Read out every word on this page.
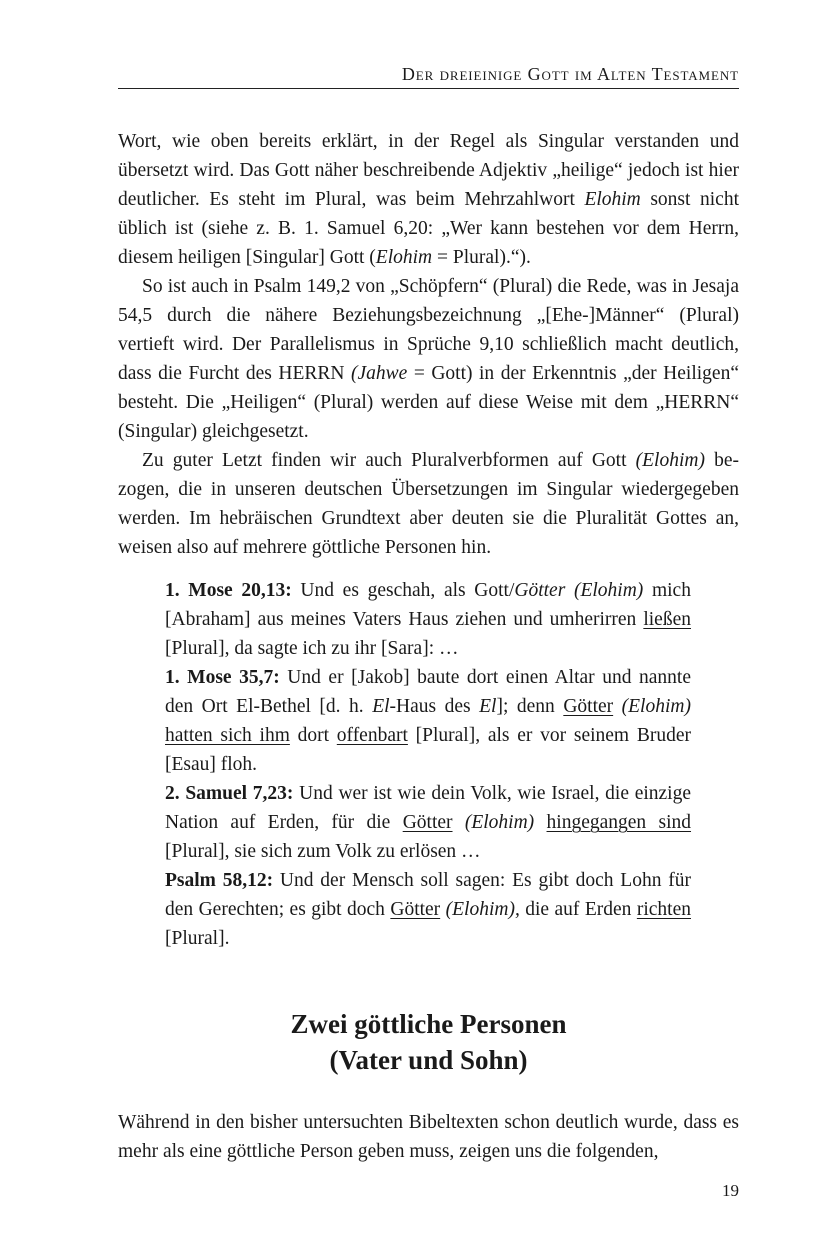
Der dreieinige Gott im Alten Testament

Wort, wie oben bereits erklärt, in der Regel als Singular verstanden und übersetzt wird. Das Gott näher beschreibende Adjektiv „heilige“ jedoch ist hier deutlicher. Es steht im Plural, was beim Mehrzahlwort Elohim sonst nicht üblich ist (siehe z. B. 1. Samuel 6,20: „Wer kann bestehen vor dem Herrn, diesem heiligen [Singular] Gott (Elohim = Plural).“).

So ist auch in Psalm 149,2 von „Schöpfern“ (Plural) die Rede, was in Jesaja 54,5 durch die nähere Beziehungsbezeichnung „[Ehe-]Männer“ (Plural) vertieft wird. Der Parallelismus in Sprüche 9,10 schließlich macht deutlich, dass die Furcht des HERRN (Jahwe = Gott) in der Erkenntnis „der Heiligen“ besteht. Die „Heiligen“ (Plural) werden auf diese Weise mit dem „HERRN“ (Singular) gleichgesetzt.

Zu guter Letzt finden wir auch Pluralverbformen auf Gott (Elohim) bezogen, die in unseren deutschen Übersetzungen im Singular wiedergegeben werden. Im hebräischen Grundtext aber deuten sie die Pluralität Gottes an, weisen also auf mehrere göttliche Personen hin.

1. Mose 20,13: Und es geschah, als Gott/Götter (Elohim) mich [Abraham] aus meines Vaters Haus ziehen und umherirren ließen [Plural], da sagte ich zu ihr [Sara]: …

1. Mose 35,7: Und er [Jakob] baute dort einen Altar und nannte den Ort El-Bethel [d. h. El-Haus des El]; denn Götter (Elohim) hatten sich ihm dort offenbart [Plural], als er vor seinem Bruder [Esau] floh.

2. Samuel 7,23: Und wer ist wie dein Volk, wie Israel, die einzige Nation auf Erden, für die Götter (Elohim) hingegangen sind [Plural], sie sich zum Volk zu erlösen …

Psalm 58,12: Und der Mensch soll sagen: Es gibt doch Lohn für den Gerechten; es gibt doch Götter (Elohim), die auf Erden richten [Plural].

Zwei göttliche Personen
(Vater und Sohn)

Während in den bisher untersuchten Bibeltexten schon deutlich wurde, dass es mehr als eine göttliche Person geben muss, zeigen uns die folgenden,

19
